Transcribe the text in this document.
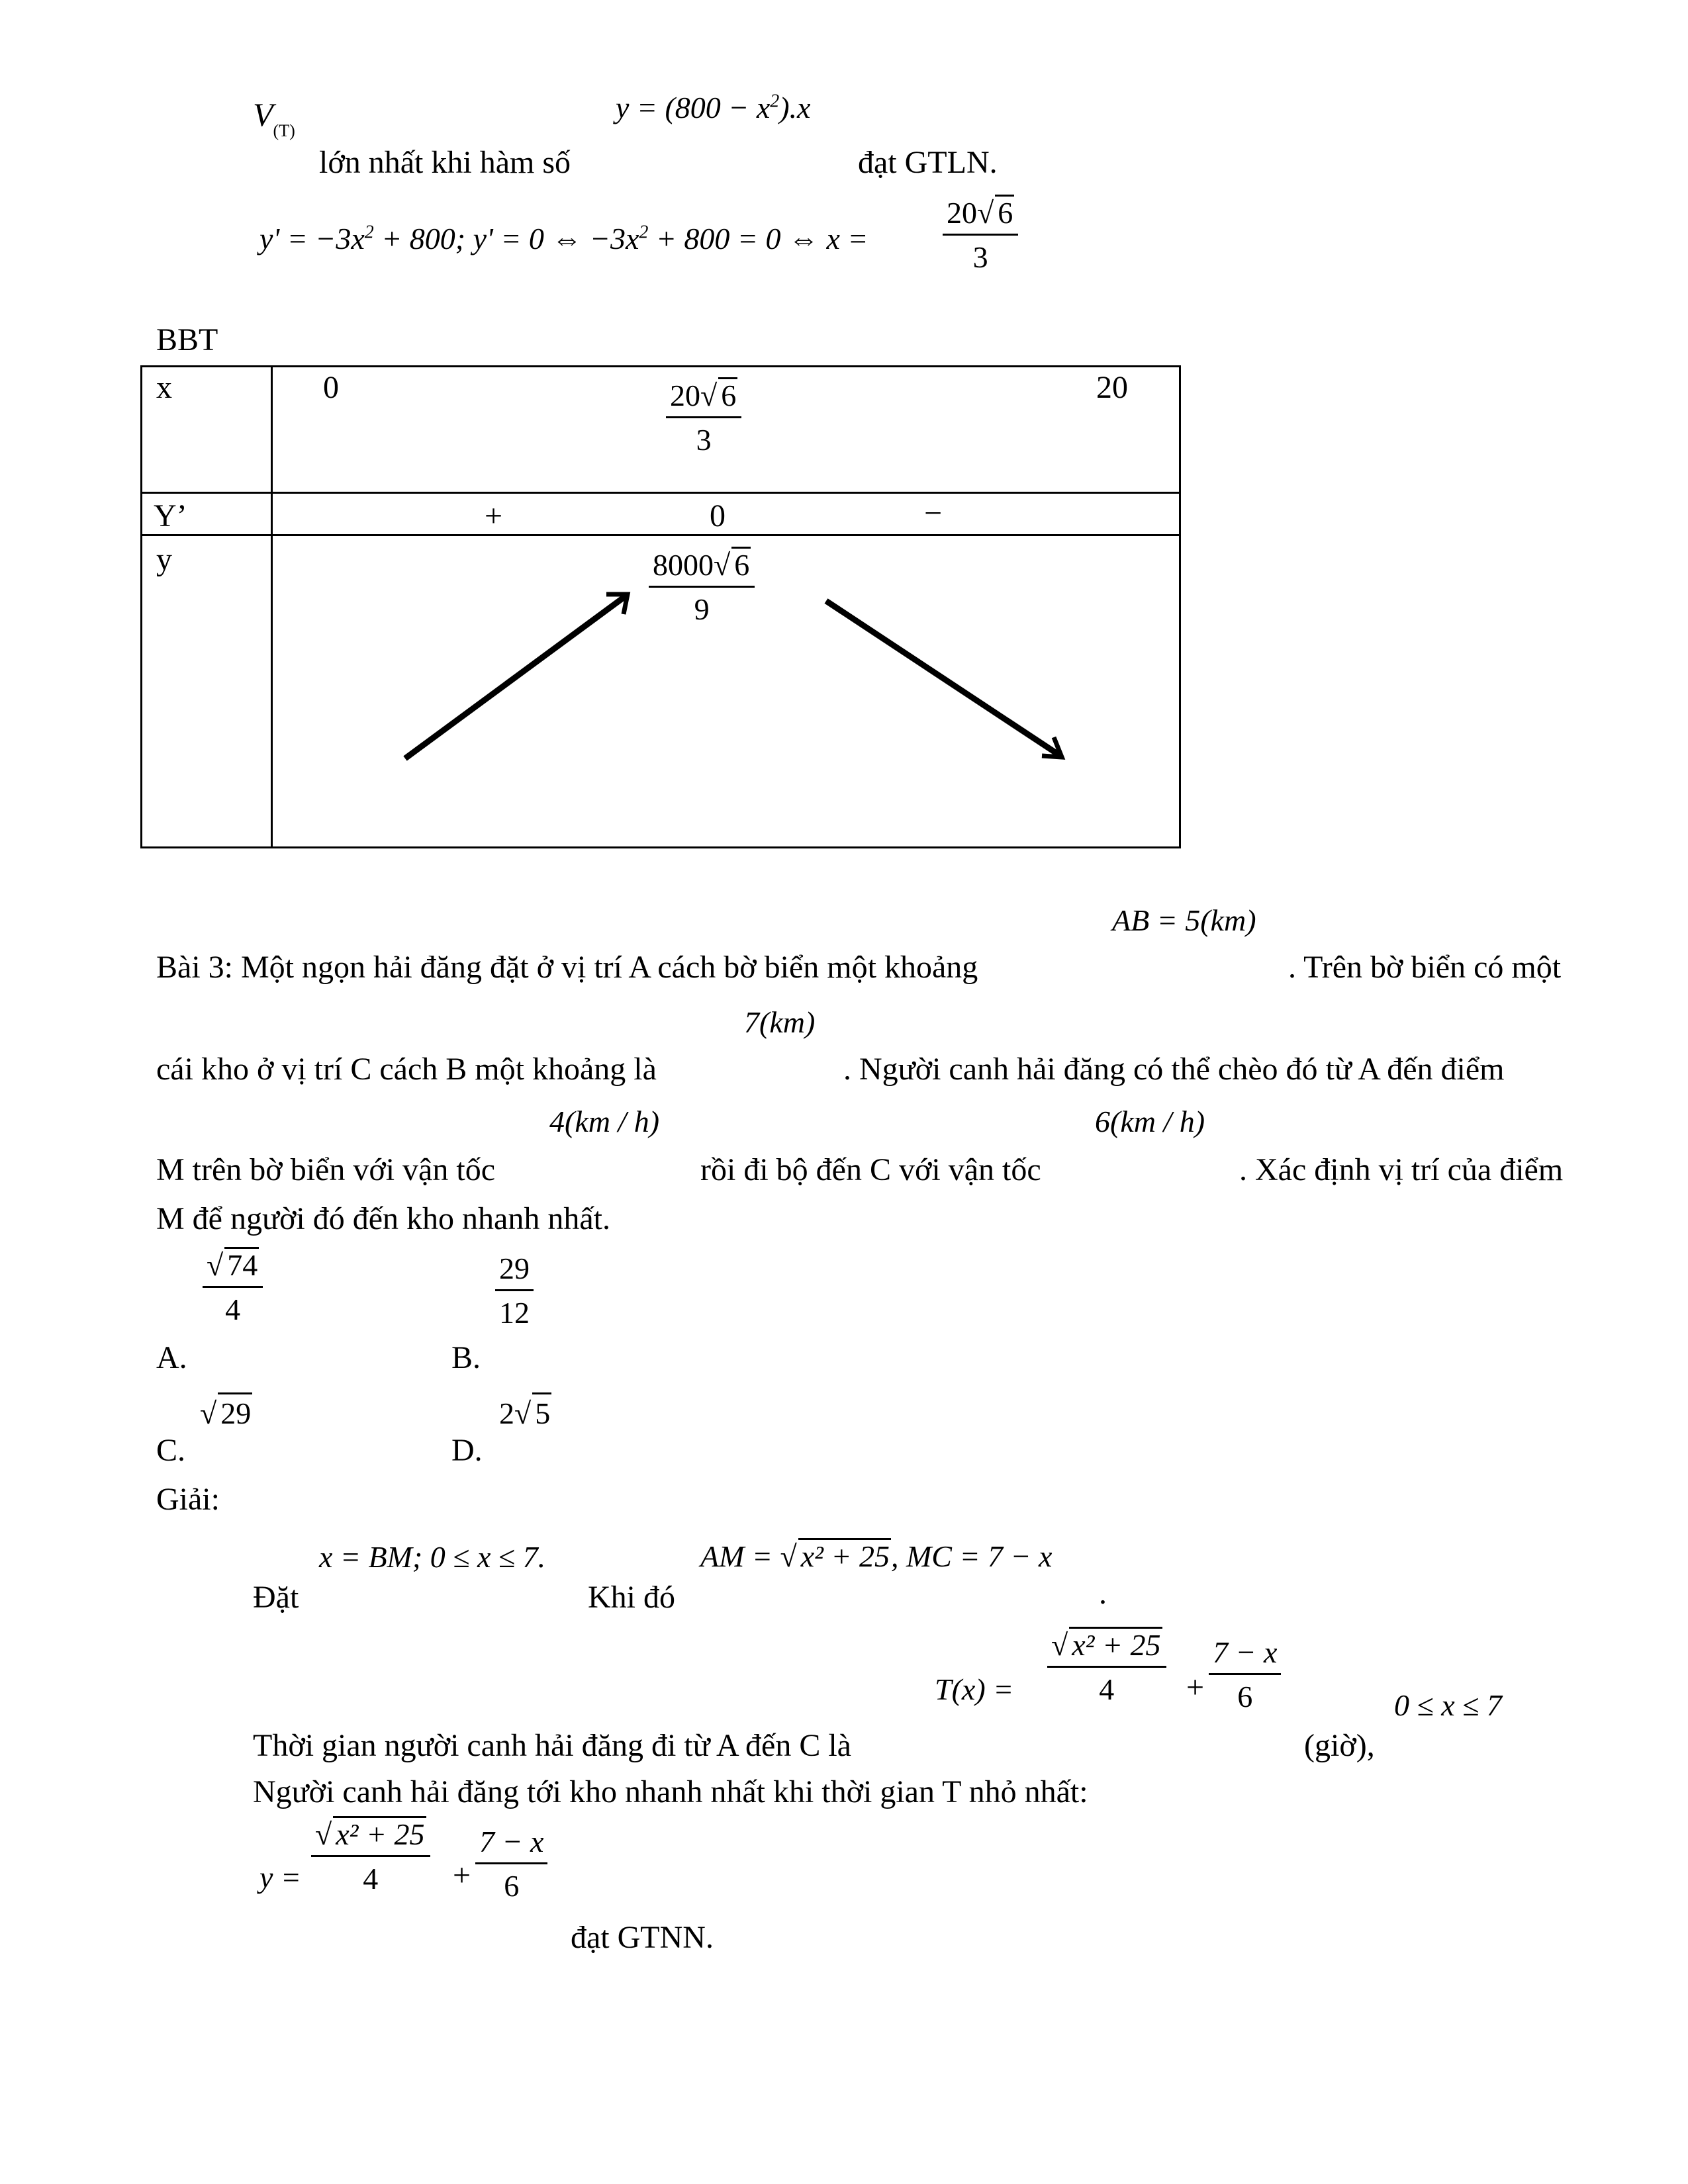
$V_{(T)}$
$y = (800 - x^2).x$
lớn nhất khi hàm số	đạt GTLN.
$y' = -3x^2 + 800$; y' = 0 ⇔ $-3x^2 + 800 = 0$ ⇔ $x = \frac{20√ 6}{3}$
BBT
x	0	$\frac{20√ 6}{3}$	20
Y’	+	0	−
y	$\frac{8000√ 6}{9}$
AB = 5(km)
Bài 3: Một ngọn hải đăng đặt ở vị trí A cách bờ biển một khoảng	. Trên bờ biển có một
7(km)
cái kho ở vị trí C cách B một khoảng là	. Người canh hải đăng có thể chèo đó từ A đến điểm
4(km / h)	6(km / h)
M trên bờ biển với vận tốc	rồi đi bộ đến C với vận tốc	. Xác định vị trí của điểm
M để người đó đến kho nhanh nhất.
$\frac{√ 74}{4}$
A.
$\frac{29}{12}$
B.
√ 29
C.
2√ 5
D.
Giải:
x = BM; 0 ≤ x ≤ 7.	AM = √ x² + 25, MC = 7 − x
Đặt	Khi đó	.
$T(x) = \frac{\text{√ x² + 25}}{4} + \frac{7 - x}{6}$	0 ≤ x ≤ 7
Thời gian người canh hải đăng đi từ A đến C là	(giờ),
Người canh hải đăng tới kho nhanh nhất khi thời gian T nhỏ nhất:
$y = \frac{\text{√ x² + 25}}{4} + \frac{7 - x}{6}$
đạt GTNN.
